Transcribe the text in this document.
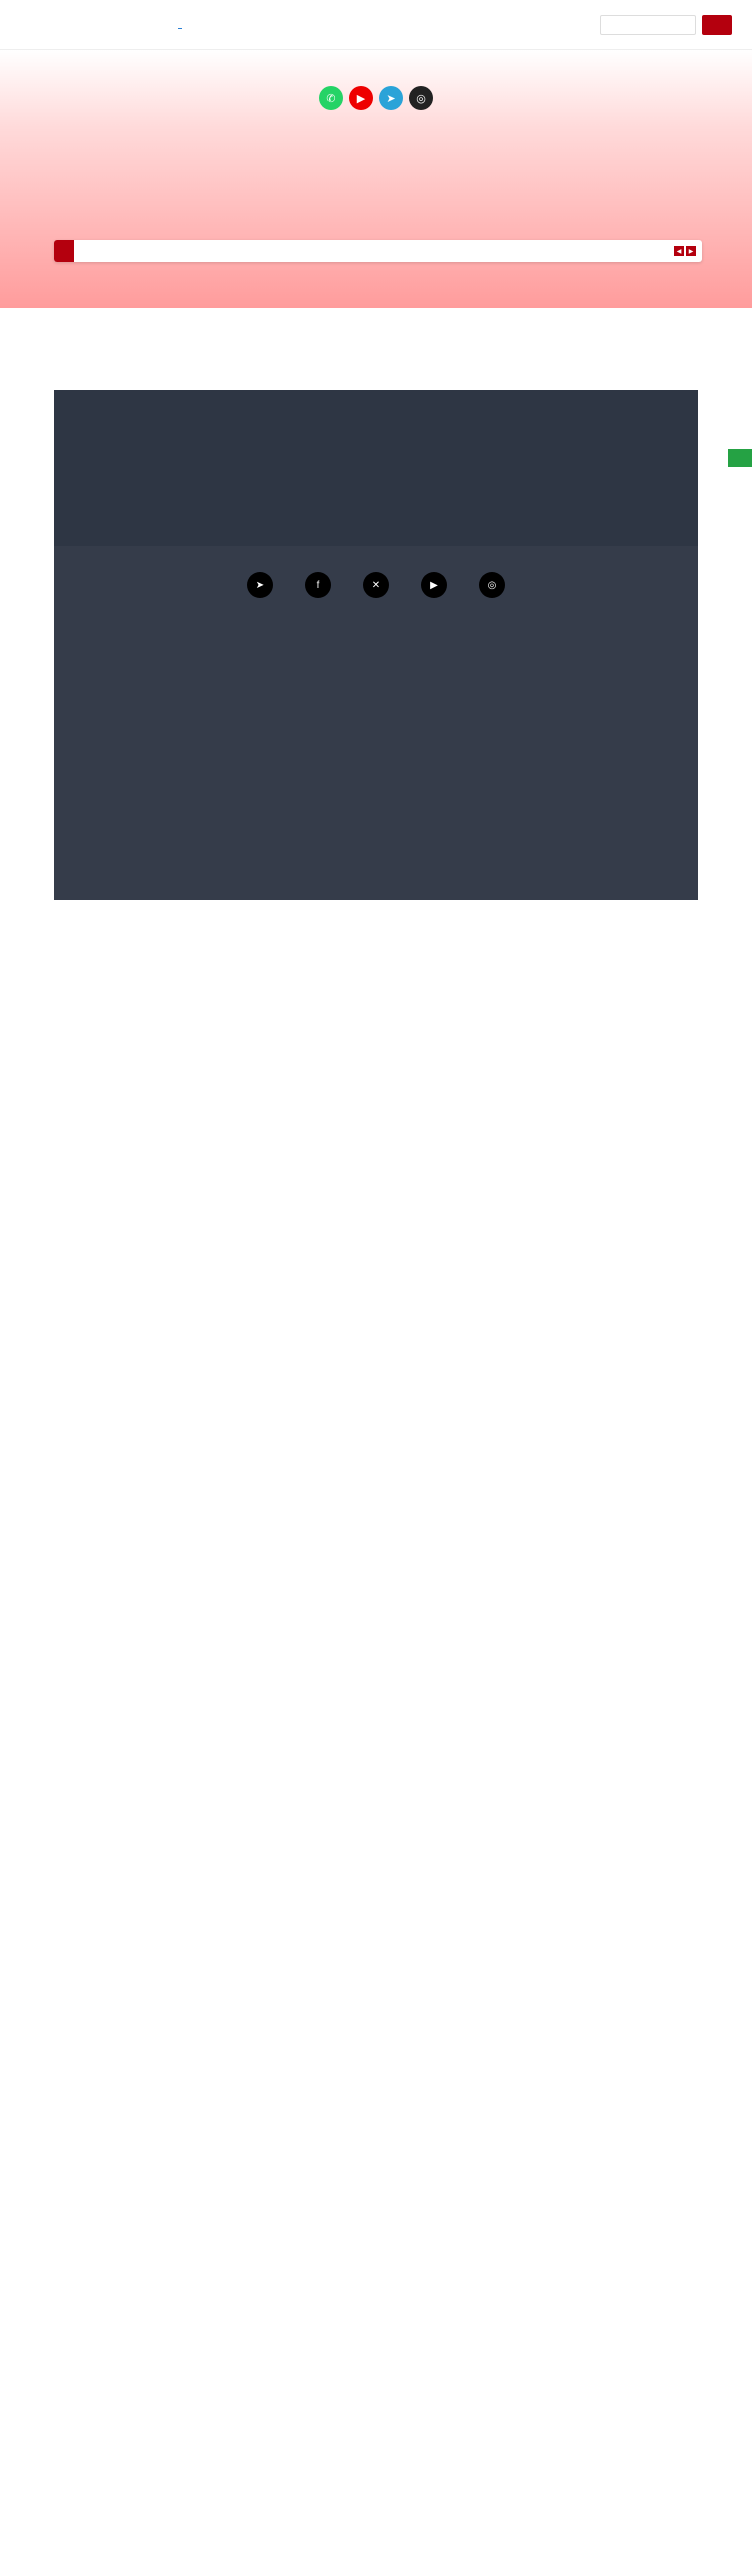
✆	▶	➤	◎
◀	▶

➤	f	✕	▶	◎
